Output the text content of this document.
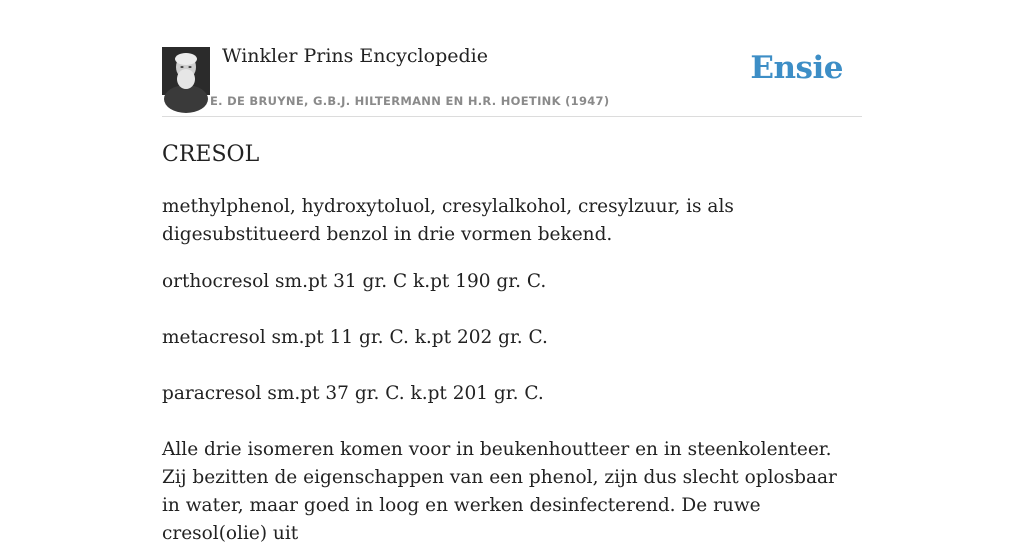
Winkler Prins Encyclopedie
E. DE BRUYNE, G.B.J. HILTERMANN EN H.R. HOETINK (1947)
Ensie
CRESOL

methylphenol, hydroxytoluol, cresylalkohol, cresylzuur, is als digesubstitueerd benzol in drie vormen bekend.

orthocresol sm.pt 31 gr. C k.pt 190 gr. C.

metacresol sm.pt 11 gr. C. k.pt 202 gr. C.

paracresol sm.pt 37 gr. C. k.pt 201 gr. C.

Alle drie isomeren komen voor in beukenhoutteer en in steenkolenteer. Zij bezitten de eigenschappen van een phenol, zijn dus slecht oplosbaar in water, maar goed in loog en werken desinfecterend. De ruwe cresol(olie) uit
